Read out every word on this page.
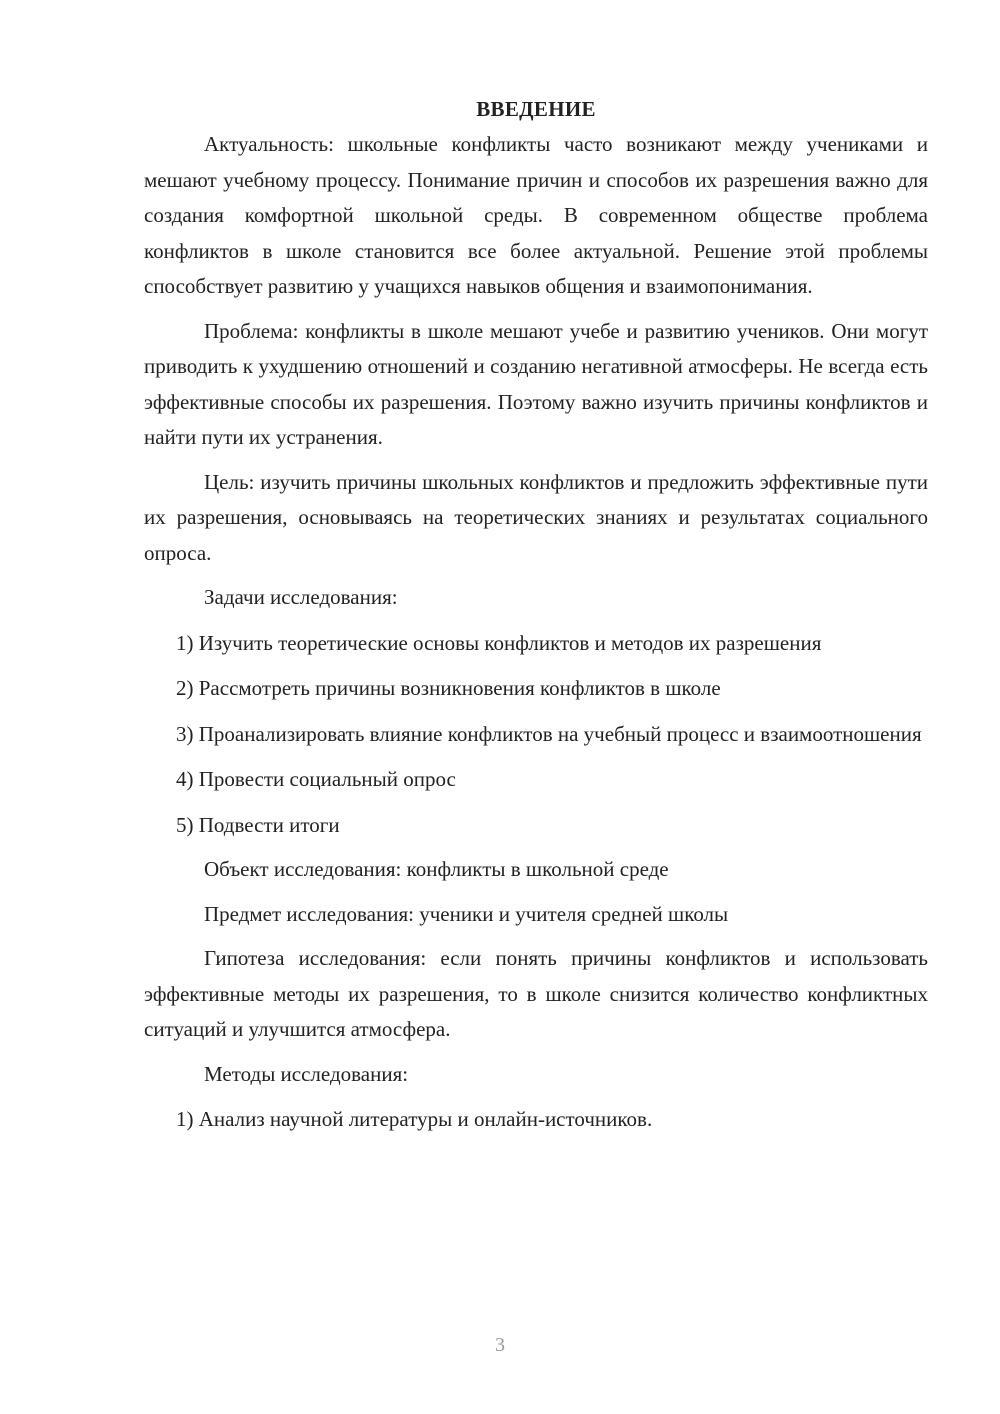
ВВЕДЕНИЕ

Актуальность: школьные конфликты часто возникают между учениками и мешают учебному процессу. Понимание причин и способов их разрешения важно для создания комфортной школьной среды. В современном обществе проблема конфликтов в школе становится все более актуальной. Решение этой проблемы способствует развитию у учащихся навыков общения и взаимопонимания.

Проблема: конфликты в школе мешают учебе и развитию учеников. Они могут приводить к ухудшению отношений и созданию негативной атмосферы. Не всегда есть эффективные способы их разрешения. Поэтому важно изучить причины конфликтов и найти пути их устранения.

Цель: изучить причины школьных конфликтов и предложить эффективные пути их разрешения, основываясь на теоретических знаниях и результатах социального опроса.

Задачи исследования:

1) Изучить теоретические основы конфликтов и методов их разрешения

2) Рассмотреть причины возникновения конфликтов в школе

3) Проанализировать влияние конфликтов на учебный процесс и взаимоотношения

4) Провести социальный опрос

5) Подвести итоги

Объект исследования: конфликты в школьной среде

Предмет исследования: ученики и учителя средней школы

Гипотеза исследования: если понять причины конфликтов и использовать эффективные методы их разрешения, то в школе снизится количество конфликтных ситуаций и улучшится атмосфера.

Методы исследования:

1) Анализ научной литературы и онлайн-источников.

3
